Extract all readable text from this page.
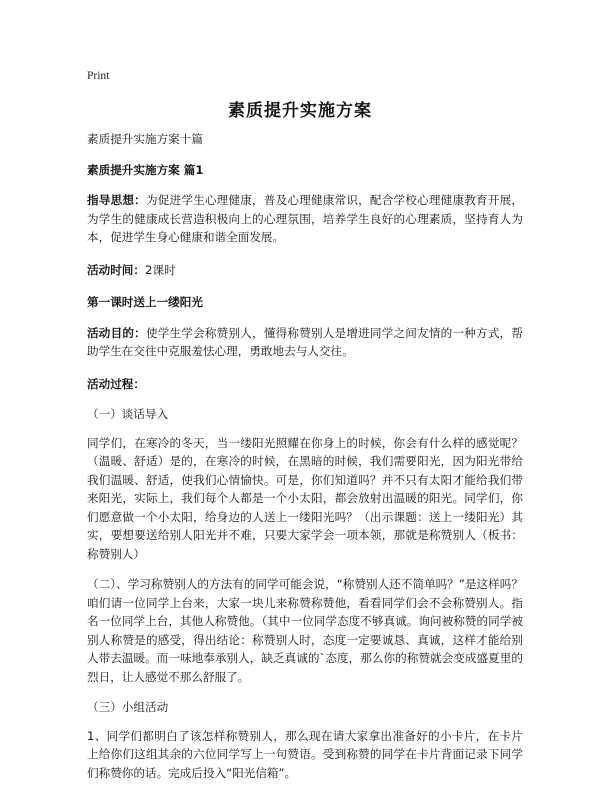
Print
素质提升实施方案

素质提升实施方案十篇

素质提升实施方案 篇1

指导思想：为促进学生心理健康，普及心理健康常识，配合学校心理健康教育开展，为学生的健康成长营造积极向上的心理氛围，培养学生良好的心理素质，坚持育人为本，促进学生身心健康和谐全面发展。

活动时间：2课时

第一课时送上一缕阳光

活动目的：使学生学会称赞别人，懂得称赞别人是增进同学之间友情的一种方式，帮助学生在交往中克服羞怯心理，勇敢地去与人交往。

活动过程：

（一）谈话导入

同学们，在寒冷的冬天，当一缕阳光照耀在你身上的时候，你会有什么样的感觉呢？（温暖、舒适）是的，在寒冷的时候，在黑暗的时候，我们需要阳光，因为阳光带给我们温暖、舒适，使我们心情愉快。可是，你们知道吗？并不只有太阳才能给我们带来阳光，实际上，我们每个人都是一个小太阳，都会放射出温暖的阳光。同学们，你们愿意做一个小太阳，给身边的人送上一缕阳光吗？（出示课题：送上一缕阳光）其实，要想要送给别人阳光并不难，只要大家学会一项本领，那就是称赞别人（板书：称赞别人）

（二）、学习称赞别人的方法有的同学可能会说，“称赞别人还不简单吗？”是这样吗？咱们请一位同学上台来，大家一块儿来称赞称赞他，看看同学们会不会称赞别人。指名一位同学上台，其他人称赞他。（其中一位同学态度不够真诚。询问被称赞的同学被别人称赞是的感受，得出结论：称赞别人时，态度一定要诚恳、真诚，这样才能给别人带去温暖。而一味地奉承别人，缺乏真诚的`态度，那么你的称赞就会变成盛夏里的烈日，让人感觉不那么舒服了。

（三）小组活动

1、同学们都明白了该怎样称赞别人，那么现在请大家拿出准备好的小卡片，在卡片上给你们这组其余的六位同学写上一句赞语。受到称赞的同学在卡片背面记录下同学们称赞你的话。完成后投入“阳光信箱”。
